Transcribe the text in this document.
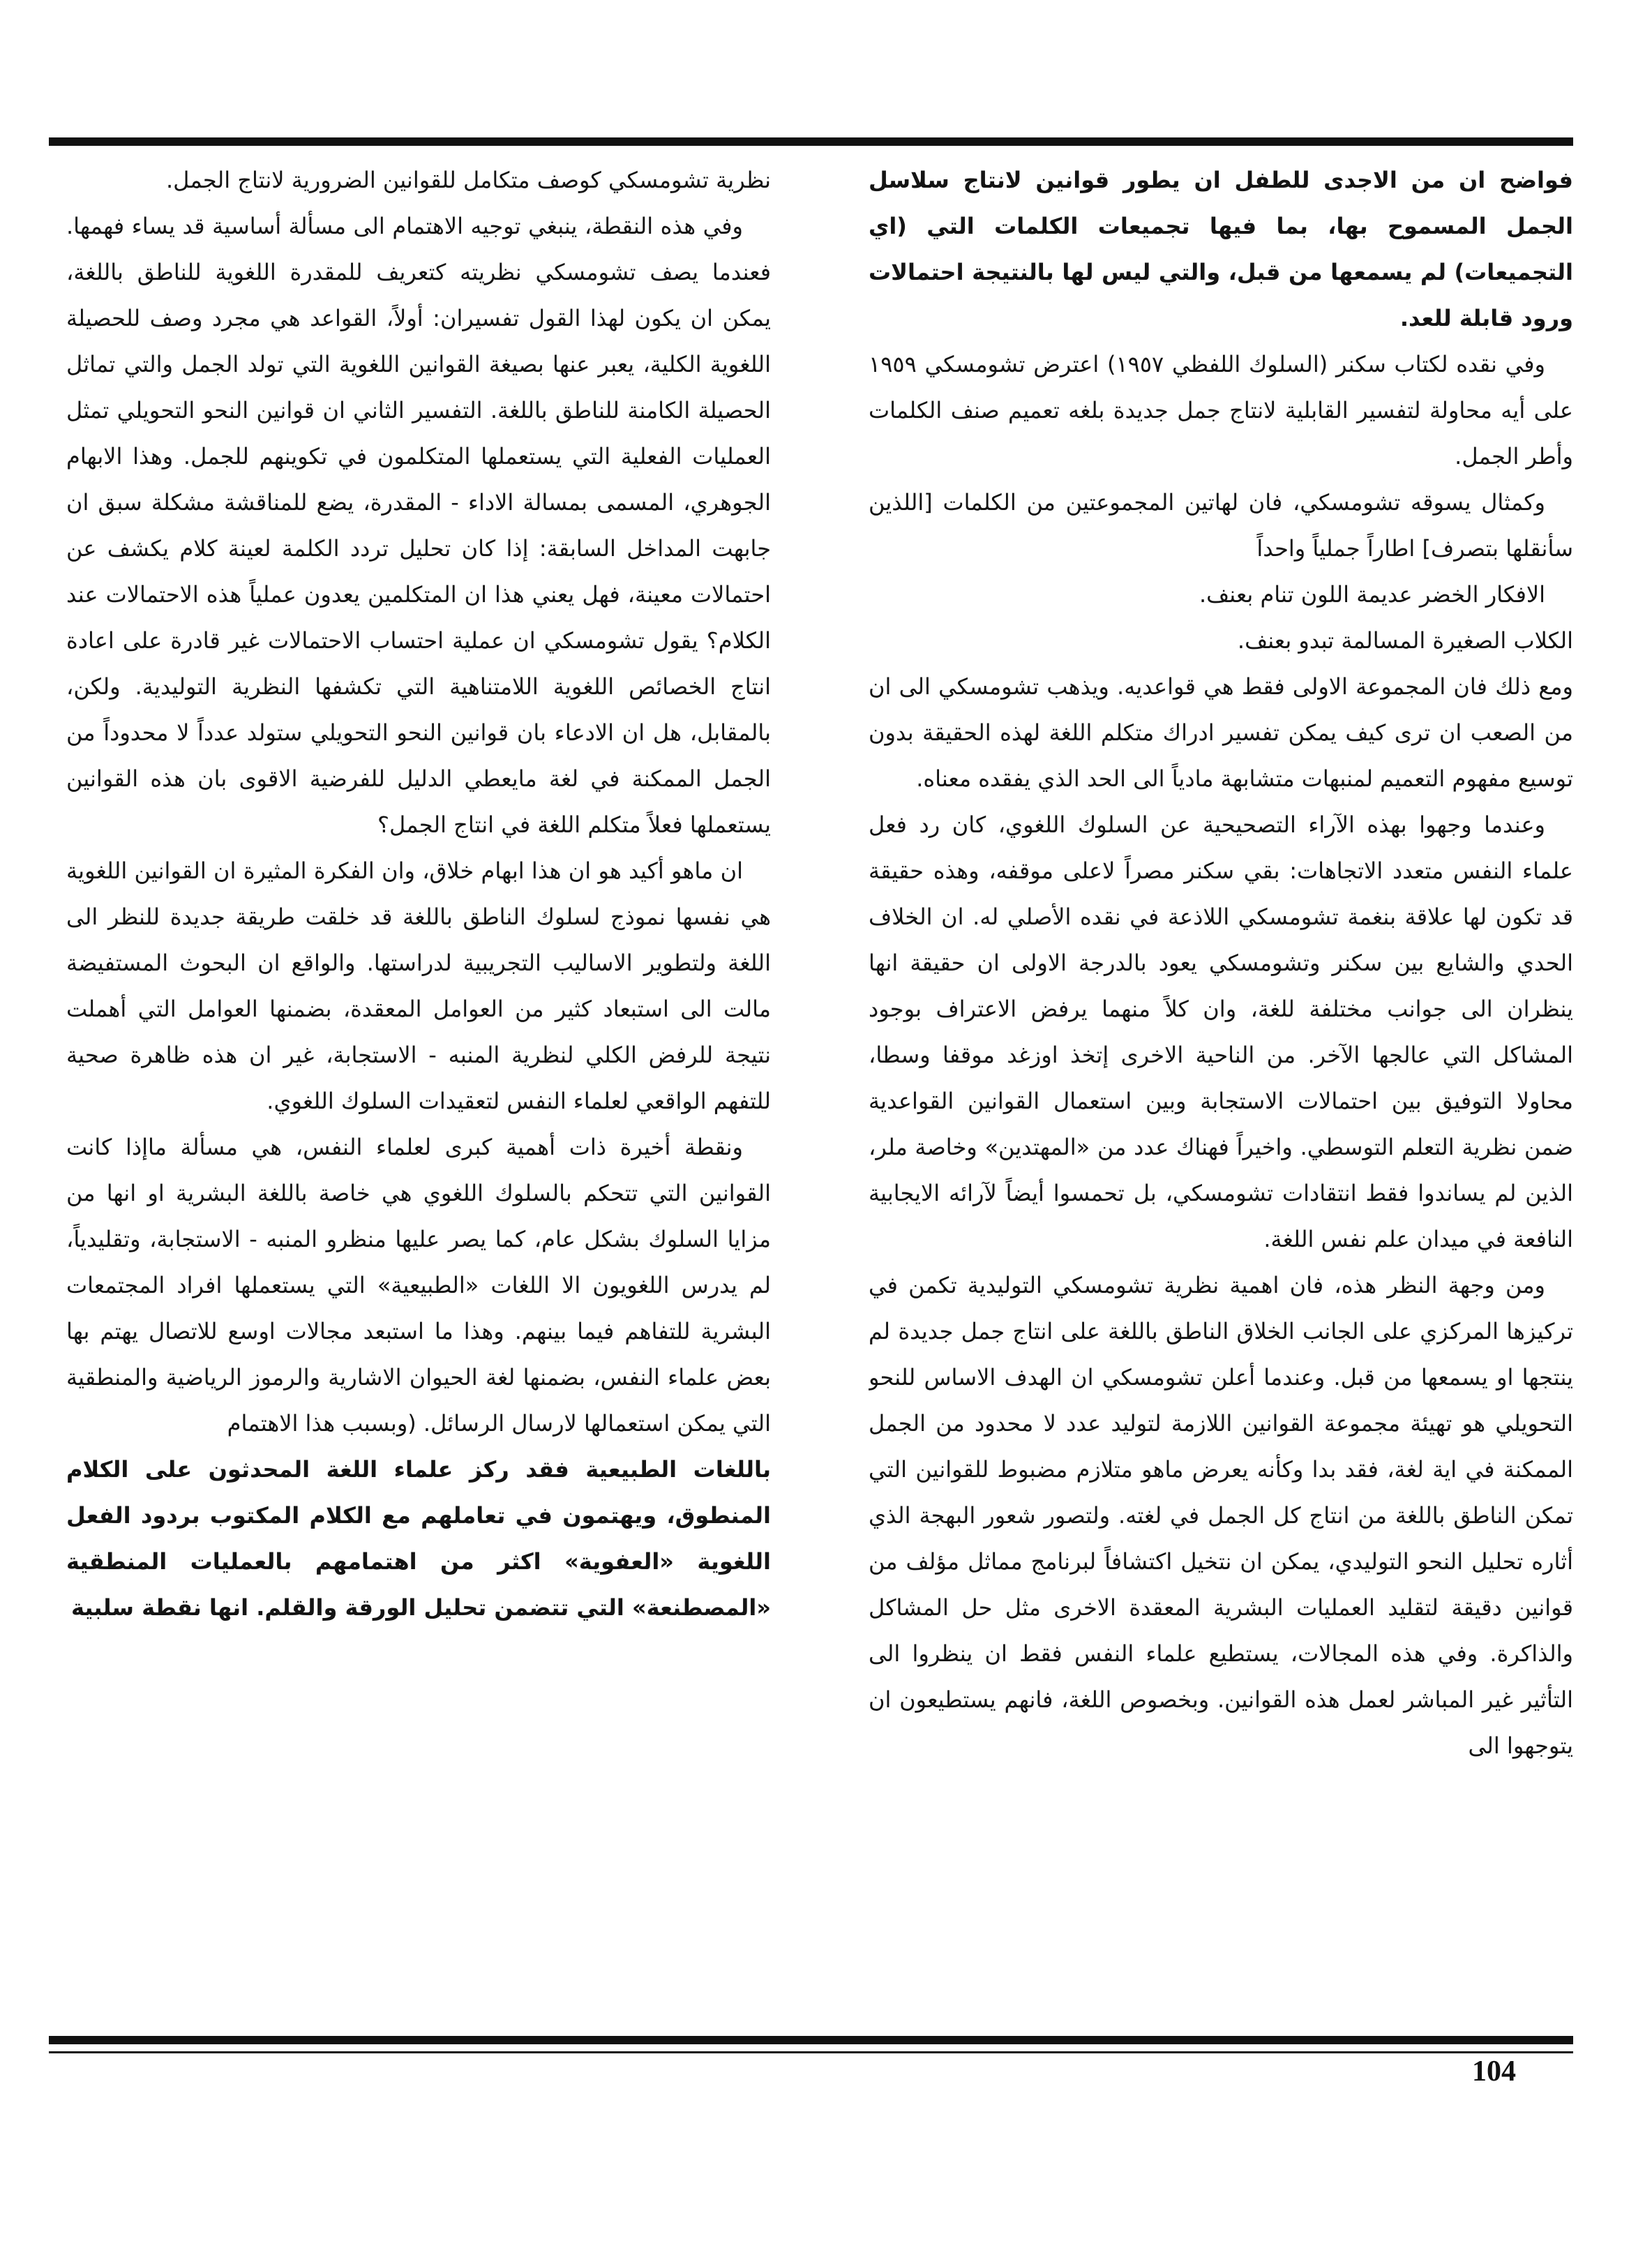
فواضح ان من الاجدى للطفل ان يطور قوانين لانتاج سلاسل الجمل المسموح بها، بما فيها تجميعات الكلمات التي (اي التجميعات) لم يسمعها من قبل، والتي ليس لها بالنتيجة احتمالات ورود قابلة للعد.

وفي نقده لكتاب سكنر (السلوك اللفظي ١٩٥٧) اعترض تشومسكي ١٩٥٩ على أيه محاولة لتفسير القابلية لانتاج جمل جديدة بلغه تعميم صنف الكلمات وأطر الجمل.

وكمثال يسوقه تشومسكي، فان لهاتين المجموعتين من الكلمات [اللذين سأنقلها بتصرف] اطاراً جملياً واحداً

الافكار الخضر عديمة اللون تنام بعنف.

الكلاب الصغيرة المسالمة تبدو بعنف.

ومع ذلك فان المجموعة الاولى فقط هي قواعديه. ويذهب تشومسكي الى ان من الصعب ان ترى كيف يمكن تفسير ادراك متكلم اللغة لهذه الحقيقة بدون توسيع مفهوم التعميم لمنبهات متشابهة مادياً الى الحد الذي يفقده معناه.

وعندما وجهوا بهذه الآراء التصحيحية عن السلوك اللغوي، كان رد فعل علماء النفس متعدد الاتجاهات: بقي سكنر مصراً لاعلى موقفه، وهذه حقيقة قد تكون لها علاقة بنغمة تشومسكي اللاذعة في نقده الأصلي له. ان الخلاف الحدي والشايع بين سكنر وتشومسكي يعود بالدرجة الاولى ان حقيقة انها ينظران الى جوانب مختلفة للغة، وان كلاً منهما يرفض الاعتراف بوجود المشاكل التي عالجها الآخر. من الناحية الاخرى إتخذ اوزغد موقفا وسطا، محاولا التوفيق بين احتمالات الاستجابة وبين استعمال القوانين القواعدية ضمن نظرية التعلم التوسطي. واخيراً فهناك عدد من «المهتدين» وخاصة ملر، الذين لم يساندوا فقط انتقادات تشومسكي، بل تحمسوا أيضاً لآرائه الايجابية النافعة في ميدان علم نفس اللغة.

ومن وجهة النظر هذه، فان اهمية نظرية تشومسكي التوليدية تكمن في تركيزها المركزي على الجانب الخلاق الناطق باللغة على انتاج جمل جديدة لم ينتجها او يسمعها من قبل. وعندما أعلن تشومسكي ان الهدف الاساس للنحو التحويلي هو تهيئة مجموعة القوانين اللازمة لتوليد عدد لا محدود من الجمل الممكنة في اية لغة، فقد بدا وكأنه يعرض ماهو متلازم مضبوط للقوانين التي تمكن الناطق باللغة من انتاج كل الجمل في لغته. ولتصور شعور البهجة الذي أثاره تحليل النحو التوليدي، يمكن ان نتخيل اكتشافاً لبرنامج مماثل مؤلف من قوانين دقيقة لتقليد العمليات البشرية المعقدة الاخرى مثل حل المشاكل والذاكرة. وفي هذه المجالات، يستطيع علماء النفس فقط ان ينظروا الى التأثير غير المباشر لعمل هذه القوانين. وبخصوص اللغة، فانهم يستطيعون ان يتوجهوا الى

نظرية تشومسكي كوصف متكامل للقوانين الضرورية لانتاج الجمل.

وفي هذه النقطة، ينبغي توجيه الاهتمام الى مسألة أساسية قد يساء فهمها. فعندما يصف تشومسكي نظريته كتعريف للمقدرة اللغوية للناطق باللغة، يمكن ان يكون لهذا القول تفسيران: أولاً، القواعد هي مجرد وصف للحصيلة اللغوية الكلية، يعبر عنها بصيغة القوانين اللغوية التي تولد الجمل والتي تماثل الحصيلة الكامنة للناطق باللغة. التفسير الثاني ان قوانين النحو التحويلي تمثل العمليات الفعلية التي يستعملها المتكلمون في تكوينهم للجمل. وهذا الابهام الجوهري، المسمى بمسالة الاداء - المقدرة، يضع للمناقشة مشكلة سبق ان جابهت المداخل السابقة: إذا كان تحليل تردد الكلمة لعينة كلام يكشف عن احتمالات معينة، فهل يعني هذا ان المتكلمين يعدون عملياً هذه الاحتمالات عند الكلام؟ يقول تشومسكي ان عملية احتساب الاحتمالات غير قادرة على اعادة انتاج الخصائص اللغوية اللامتناهية التي تكشفها النظرية التوليدية. ولكن، بالمقابل، هل ان الادعاء بان قوانين النحو التحويلي ستولد عدداً لا محدوداً من الجمل الممكنة في لغة مايعطي الدليل للفرضية الاقوى بان هذه القوانين يستعملها فعلاً متكلم اللغة في انتاج الجمل؟

ان ماهو أكيد هو ان هذا ابهام خلاق، وان الفكرة المثيرة ان القوانين اللغوية هي نفسها نموذج لسلوك الناطق باللغة قد خلقت طريقة جديدة للنظر الى اللغة ولتطوير الاساليب التجريبية لدراستها. والواقع ان البحوث المستفيضة مالت الى استبعاد كثير من العوامل المعقدة، بضمنها العوامل التي أهملت نتيجة للرفض الكلي لنظرية المنبه - الاستجابة، غير ان هذه ظاهرة صحية للتفهم الواقعي لعلماء النفس لتعقيدات السلوك اللغوي.

ونقطة أخيرة ذات أهمية كبرى لعلماء النفس، هي مسألة ماإذا كانت القوانين التي تتحكم بالسلوك اللغوي هي خاصة باللغة البشرية او انها من مزايا السلوك بشكل عام، كما يصر عليها منظرو المنبه - الاستجابة، وتقليدياً، لم يدرس اللغويون الا اللغات «الطبيعية» التي يستعملها افراد المجتمعات البشرية للتفاهم فيما بينهم. وهذا ما استبعد مجالات اوسع للاتصال يهتم بها بعض علماء النفس، بضمنها لغة الحيوان الاشارية والرموز الرياضية والمنطقية التي يمكن استعمالها لارسال الرسائل. (وبسبب هذا الاهتمام

باللغات الطبيعية فقد ركز علماء اللغة المحدثون على الكلام المنطوق، ويهتمون في تعاملهم مع الكلام المكتوب بردود الفعل اللغوية «العفوية» اكثر من اهتمامهم بالعمليات المنطقية «المصطنعة» التي تتضمن تحليل الورقة والقلم. انها نقطة سلبية

104
